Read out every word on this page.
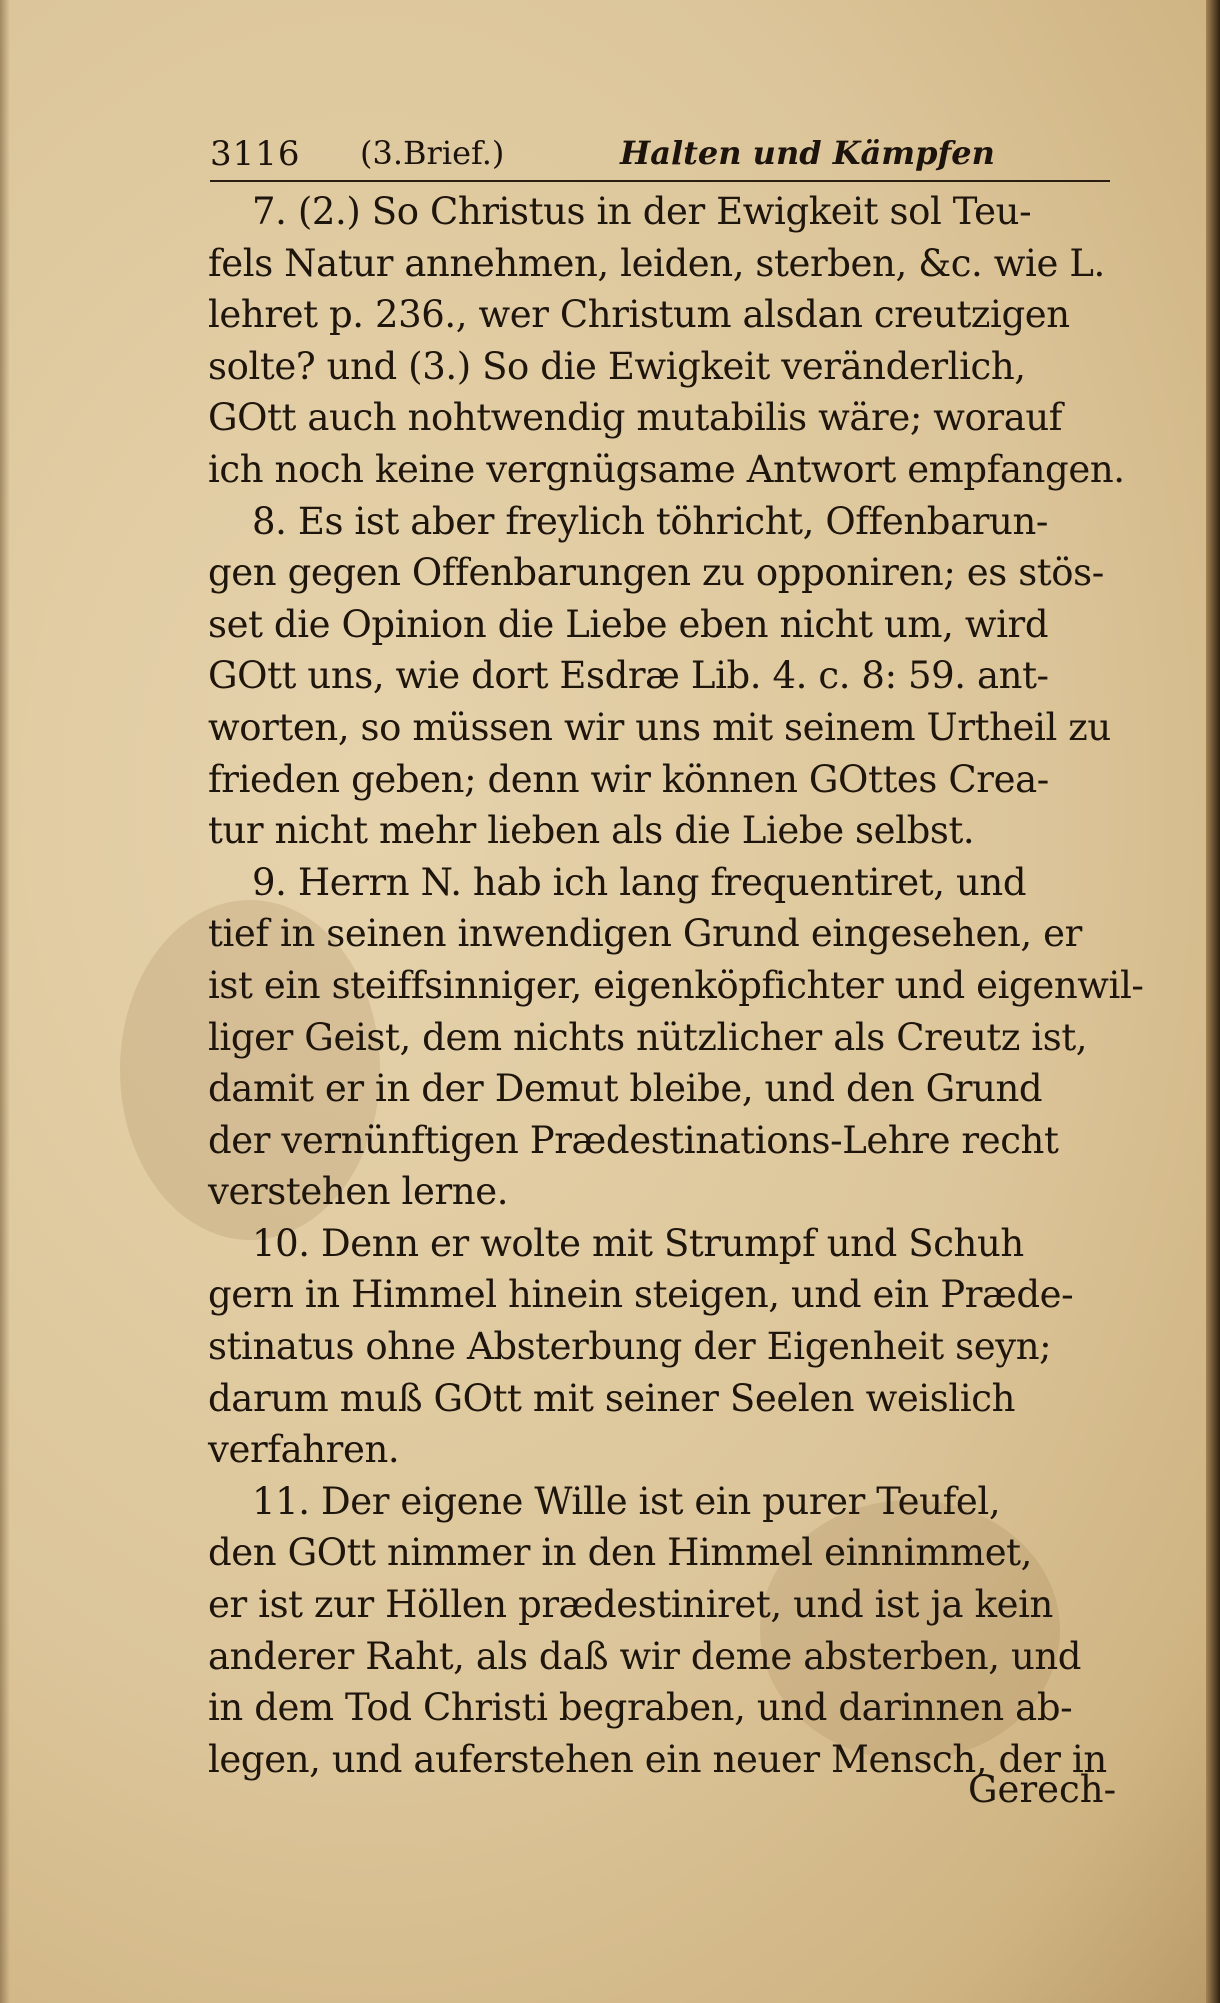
3116 (3.Brief.)	Halten und Kämpfen
7. (2.) So Christus in der Ewigkeit sol Teu-
fels Natur annehmen, leiden, sterben, &c. wie L.
lehret p. 236., wer Christum alsdan creutzigen
solte? und (3.) So die Ewigkeit veränderlich,
GOtt auch nohtwendig mutabilis wäre; worauf
ich noch keine vergnügsame Antwort empfangen.
8. Es ist aber freylich töhricht, Offenbarun-
gen gegen Offenbarungen zu opponiren; es stös-
set die Opinion die Liebe eben nicht um, wird
GOtt uns, wie dort Esdræ Lib. 4. c. 8: 59. ant-
worten, so müssen wir uns mit seinem Urtheil zu
frieden geben; denn wir können GOttes Crea-
tur nicht mehr lieben als die Liebe selbst.
9. Herrn N. hab ich lang frequentiret, und
tief in seinen inwendigen Grund eingesehen, er
ist ein steiffsinniger, eigenköpfichter und eigenwil-
liger Geist, dem nichts nützlicher als Creutz ist,
damit er in der Demut bleibe, und den Grund
der vernünftigen Prædestinations-Lehre recht
verstehen lerne.
10. Denn er wolte mit Strumpf und Schuh
gern in Himmel hinein steigen, und ein Præde-
stinatus ohne Absterbung der Eigenheit seyn;
darum muß GOtt mit seiner Seelen weislich
verfahren.
11. Der eigene Wille ist ein purer Teufel,
den GOtt nimmer in den Himmel einnimmet,
er ist zur Höllen prædestiniret, und ist ja kein
anderer Raht, als daß wir deme absterben, und
in dem Tod Christi begraben, und darinnen ab-
legen, und auferstehen ein neuer Mensch, der in
Gerech-
